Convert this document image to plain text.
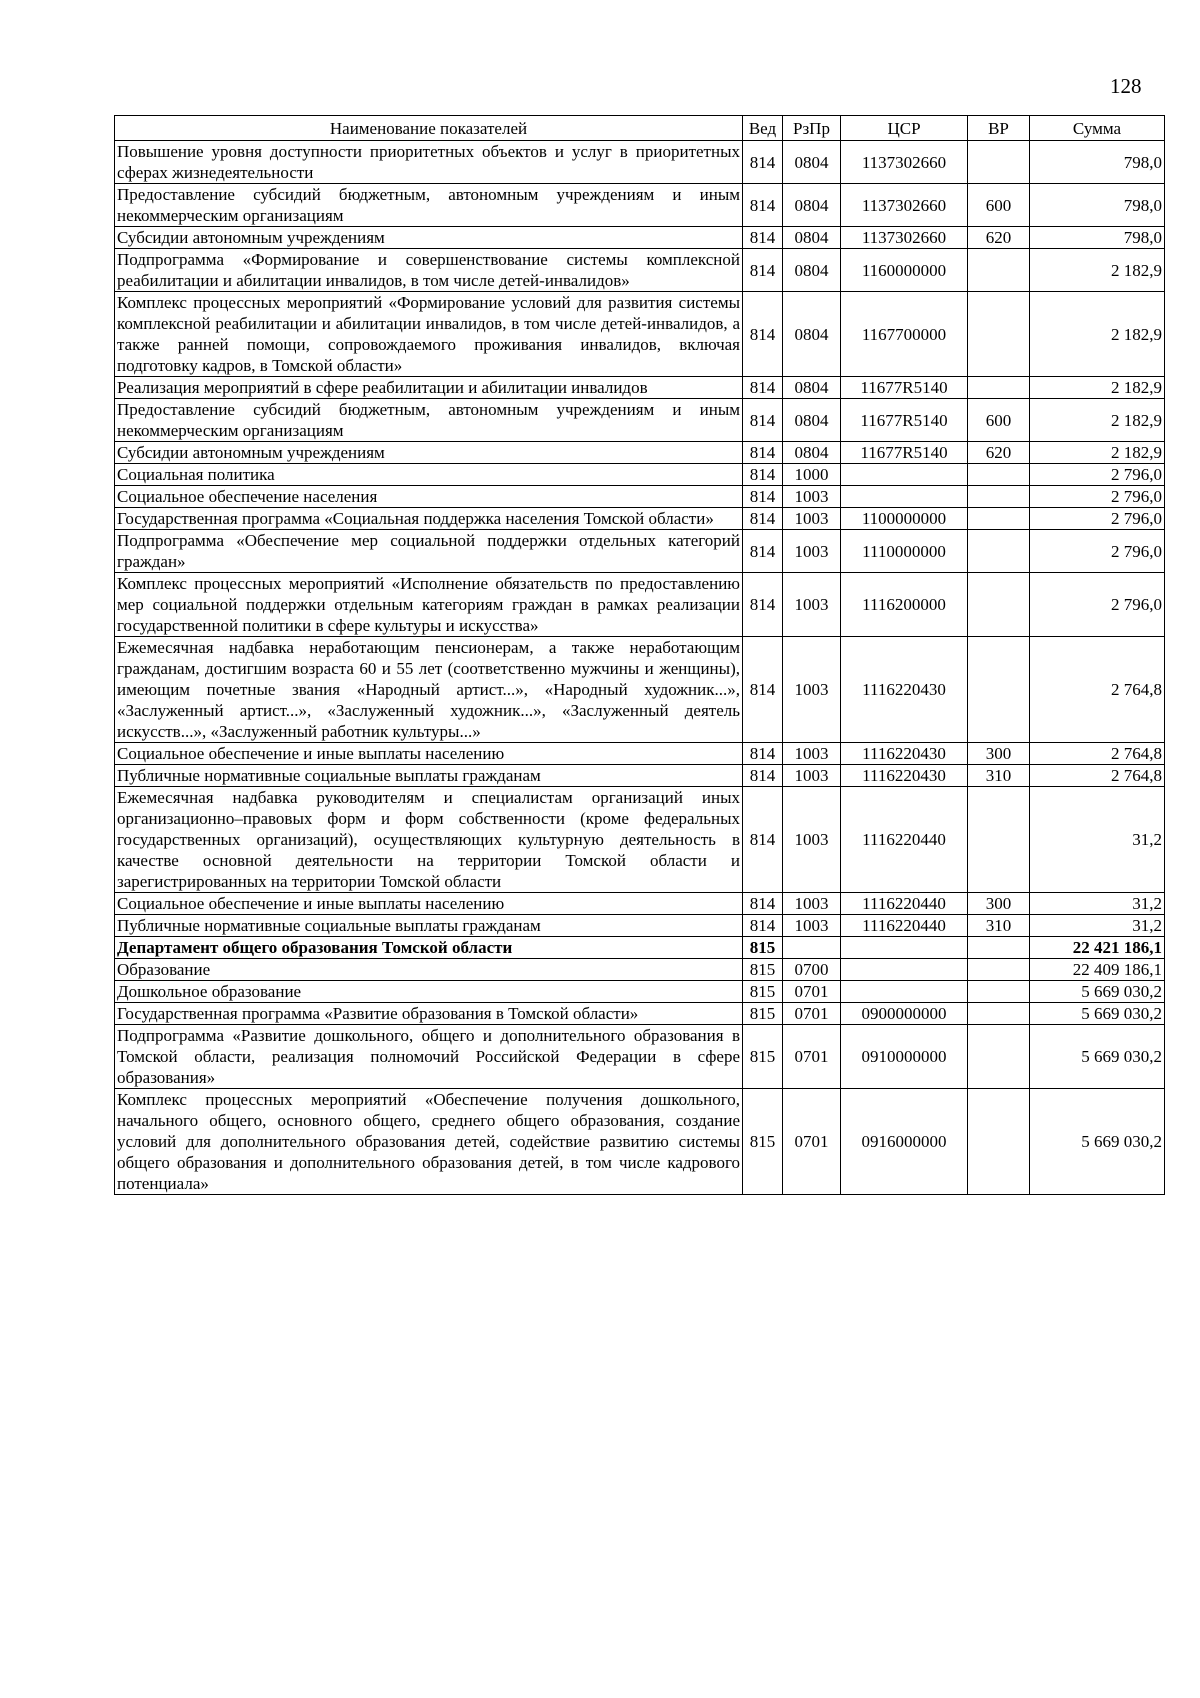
128
Наименование показателей	Вед	РзПр	ЦСР	ВР	Сумма
Повышение уровня доступности приоритетных объектов и услуг в приоритетных сферах жизнедеятельности	814	0804	1137302660		798,0
Предоставление субсидий бюджетным, автономным учреждениям и иным некоммерческим организациям	814	0804	1137302660	600	798,0
Субсидии автономным учреждениям	814	0804	1137302660	620	798,0
Подпрограмма «Формирование и совершенствование системы комплексной реабилитации и абилитации инвалидов, в том числе детей-инвалидов»	814	0804	1160000000		2 182,9
Комплекс процессных мероприятий «Формирование условий для развития системы комплексной реабилитации и абилитации инвалидов, в том числе детей-инвалидов, а также ранней помощи, сопровождаемого проживания инвалидов, включая подготовку кадров, в Томской области»	814	0804	1167700000		2 182,9
Реализация мероприятий в сфере реабилитации и абилитации инвалидов	814	0804	11677R5140		2 182,9
Предоставление субсидий бюджетным, автономным учреждениям и иным некоммерческим организациям	814	0804	11677R5140	600	2 182,9
Субсидии автономным учреждениям	814	0804	11677R5140	620	2 182,9
Социальная политика	814	1000			2 796,0
Социальное обеспечение населения	814	1003			2 796,0
Государственная программа «Социальная поддержка населения Томской области»	814	1003	1100000000		2 796,0
Подпрограмма «Обеспечение мер социальной поддержки отдельных категорий граждан»	814	1003	1110000000		2 796,0
Комплекс процессных мероприятий «Исполнение обязательств по предоставлению мер социальной поддержки отдельным категориям граждан в рамках реализации государственной политики в сфере культуры и искусства»	814	1003	1116200000		2 796,0
Ежемесячная надбавка неработающим пенсионерам, а также неработающим гражданам, достигшим возраста 60 и 55 лет (соответственно мужчины и женщины), имеющим почетные звания «Народный артист...», «Народный художник...», «Заслуженный артист...», «Заслуженный художник...», «Заслуженный деятель искусств...», «Заслуженный работник культуры...»	814	1003	1116220430		2 764,8
Социальное обеспечение и иные выплаты населению	814	1003	1116220430	300	2 764,8
Публичные нормативные социальные выплаты гражданам	814	1003	1116220430	310	2 764,8
Ежемесячная надбавка руководителям и специалистам организаций иных организационно–правовых форм и форм собственности (кроме федеральных государственных организаций), осуществляющих культурную деятельность в качестве основной деятельности на территории Томской области и зарегистрированных на территории Томской области	814	1003	1116220440		31,2
Социальное обеспечение и иные выплаты населению	814	1003	1116220440	300	31,2
Публичные нормативные социальные выплаты гражданам	814	1003	1116220440	310	31,2
Департамент общего образования Томской области	815				22 421 186,1
Образование	815	0700			22 409 186,1
Дошкольное образование	815	0701			5 669 030,2
Государственная программа «Развитие образования в Томской области»	815	0701	0900000000		5 669 030,2
Подпрограмма «Развитие дошкольного, общего и дополнительного образования в Томской области, реализация полномочий Российской Федерации в сфере образования»	815	0701	0910000000		5 669 030,2
Комплекс процессных мероприятий «Обеспечение получения дошкольного, начального общего, основного общего, среднего общего образования, создание условий для дополнительного образования детей, содействие развитию системы общего образования и дополнительного образования детей, в том числе кадрового потенциала»	815	0701	0916000000		5 669 030,2
